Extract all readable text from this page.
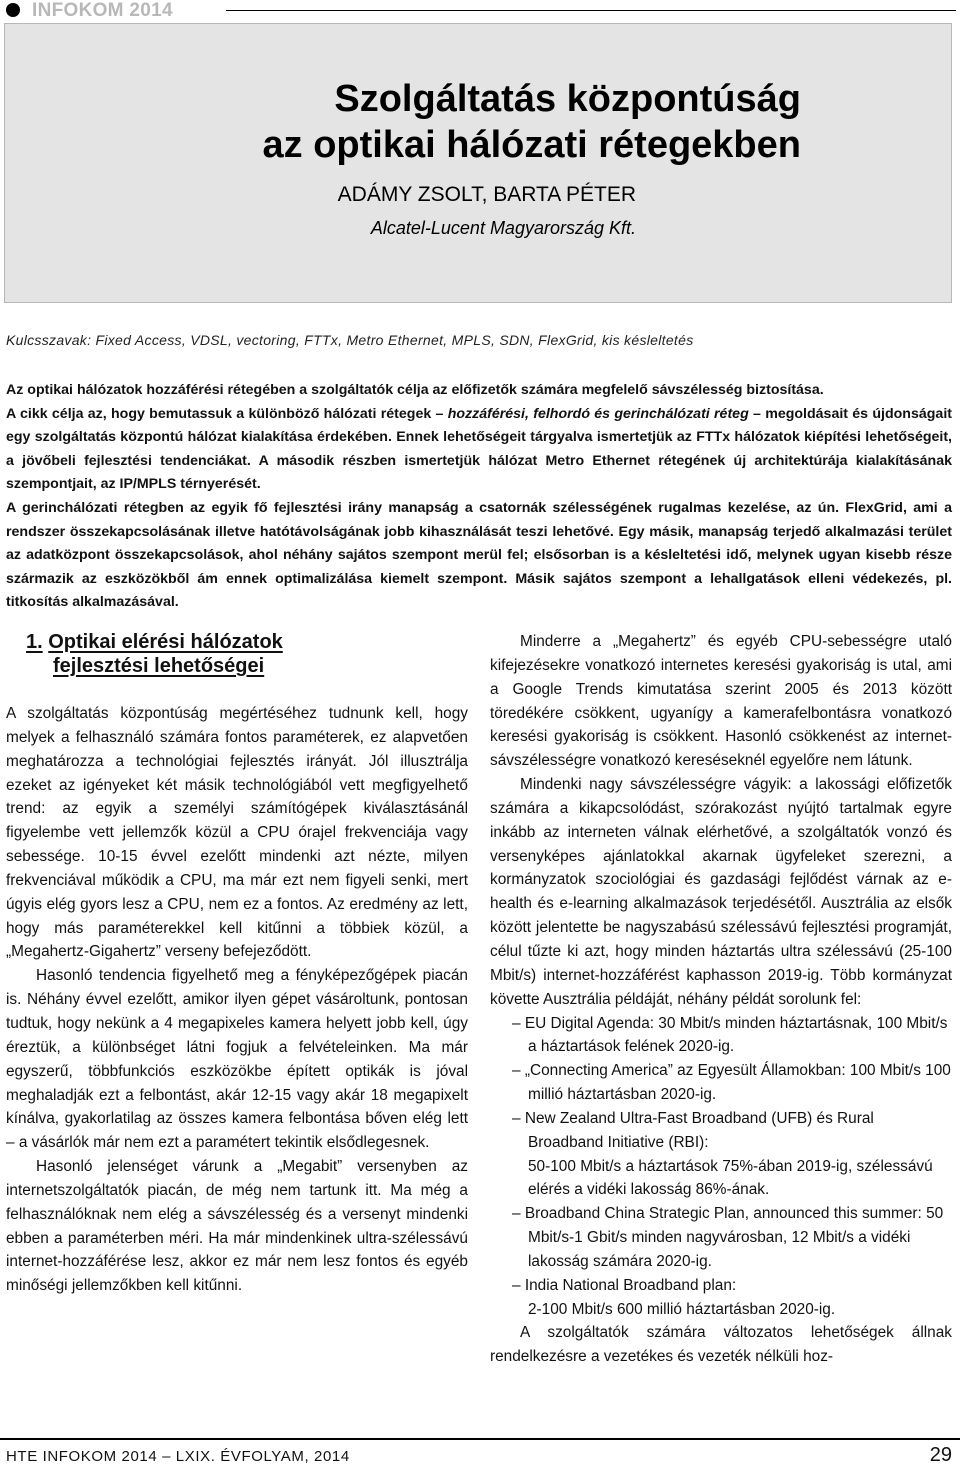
INFOKOM 2014
Szolgáltatás központúság
az optikai hálózati rétegekben
ADÁMY ZSOLT, BARTA PÉTER
Alcatel-Lucent Magyarország Kft.
Kulcsszavak: Fixed Access, VDSL, vectoring, FTTx, Metro Ethernet, MPLS, SDN, FlexGrid, kis késleltetés

Az optikai hálózatok hozzáférési rétegében a szolgáltatók célja az előfizetők számára megfelelő sávszélesség biztosítása.

A cikk célja az, hogy bemutassuk a különböző hálózati rétegek – hozzáférési, felhordó és gerinchálózati réteg – megoldásait és újdonságait egy szolgáltatás központú hálózat kialakítása érdekében. Ennek lehetőségeit tárgyalva ismertetjük az FTTx hálózatok kiépítési lehetőségeit, a jövőbeli fejlesztési tendenciákat. A második részben ismertetjük hálózat Metro Ethernet rétegének új architektúrája kialakításának szempontjait, az IP/MPLS térnyerését.

A gerinchálózati rétegben az egyik fő fejlesztési irány manapság a csatornák szélességének rugalmas kezelése, az ún. FlexGrid, ami a rendszer összekapcsolásának illetve hatótávolságának jobb kihasználását teszi lehetővé. Egy másik, manapság terjedő alkalmazási terület az adatközpont összekapcsolások, ahol néhány sajátos szempont merül fel; elsősorban is a késleltetési idő, melynek ugyan kisebb része származik az eszközökből ám ennek optimalizálása kiemelt szempont. Másik sajátos szempont a lehallgatások elleni védekezés, pl. titkosítás alkalmazásával.

1. Optikai elérési hálózatok
fejlesztési lehetőségei

A szolgáltatás központúság megértéséhez tudnunk kell, hogy melyek a felhasználó számára fontos paraméterek, ez alapvetően meghatározza a technológiai fejlesztés irányát. Jól illusztrálja ezeket az igényeket két másik technológiából vett megfigyelhető trend: az egyik a személyi számítógépek kiválasztásánál figyelembe vett jellemzők közül a CPU órajel frekvenciája vagy sebessége. 10-15 évvel ezelőtt mindenki azt nézte, milyen frekvenciával működik a CPU, ma már ezt nem figyeli senki, mert úgyis elég gyors lesz a CPU, nem ez a fontos. Az eredmény az lett, hogy más paraméterekkel kell kitűnni a többiek közül, a „Megahertz-Gigahertz” verseny befejeződött.

Hasonló tendencia figyelhető meg a fényképezőgépek piacán is. Néhány évvel ezelőtt, amikor ilyen gépet vásároltunk, pontosan tudtuk, hogy nekünk a 4 megapixeles kamera helyett jobb kell, úgy éreztük, a különbséget látni fogjuk a felvételeinken. Ma már egyszerű, többfunkciós eszközökbe épített optikák is jóval meghaladják ezt a felbontást, akár 12-15 vagy akár 18 megapixelt kínálva, gyakorlatilag az összes kamera felbontása bőven elég lett – a vásárlók már nem ezt a paramétert tekintik elsődlegesnek.

Hasonló jelenséget várunk a „Megabit” versenyben az internetszolgáltatók piacán, de még nem tartunk itt. Ma még a felhasználóknak nem elég a sávszélesség és a versenyt mindenki ebben a paraméterben méri. Ha már mindenkinek ultra-szélessávú internet-hozzáférése lesz, akkor ez már nem lesz fontos és egyéb minőségi jellemzőkben kell kitűnni.

Minderre a „Megahertz” és egyéb CPU-sebességre utaló kifejezésekre vonatkozó internetes keresési gyakoriság is utal, ami a Google Trends kimutatása szerint 2005 és 2013 között töredékére csökkent, ugyanígy a kamerafelbontásra vonatkozó keresési gyakoriság is csökkent. Hasonló csökkenést az internet-sávszélességre vonatkozó kereséseknél egyelőre nem látunk.

Mindenki nagy sávszélességre vágyik: a lakossági előfizetők számára a kikapcsolódást, szórakozást nyújtó tartalmak egyre inkább az interneten válnak elérhetővé, a szolgáltatók vonzó és versenyképes ajánlatokkal akarnak ügyfeleket szerezni, a kormányzatok szociológiai és gazdasági fejlődést várnak az e-health és e-learning alkalmazások terjedésétől. Ausztrália az elsők között jelentette be nagyszabású szélessávú fejlesztési programját, célul tűzte ki azt, hogy minden háztartás ultra szélessávú (25-100 Mbit/s) internet-hozzáférést kaphasson 2019-ig. Több kormányzat követte Ausztrália példáját, néhány példát sorolunk fel:

– EU Digital Agenda: 30 Mbit/s minden háztartásnak, 100 Mbit/s a háztartások felének 2020-ig.
– „Connecting America” az Egyesült Államokban: 100 Mbit/s 100 millió háztartásban 2020-ig.
– New Zealand Ultra-Fast Broadband (UFB) és Rural Broadband Initiative (RBI):
50-100 Mbit/s a háztartások 75%-ában 2019-ig, szélessávú elérés a vidéki lakosság 86%-ának.
– Broadband China Strategic Plan, announced this summer: 50 Mbit/s-1 Gbit/s minden nagyvárosban, 12 Mbit/s a vidéki lakosság számára 2020-ig.
– India National Broadband plan:
2-100 Mbit/s 600 millió háztartásban 2020-ig.

A szolgáltatók számára változatos lehetőségek állnak rendelkezésre a vezetékes és vezeték nélküli hoz-

HTE INFOKOM 2014 – LXIX. ÉVFOLYAM, 2014	29
